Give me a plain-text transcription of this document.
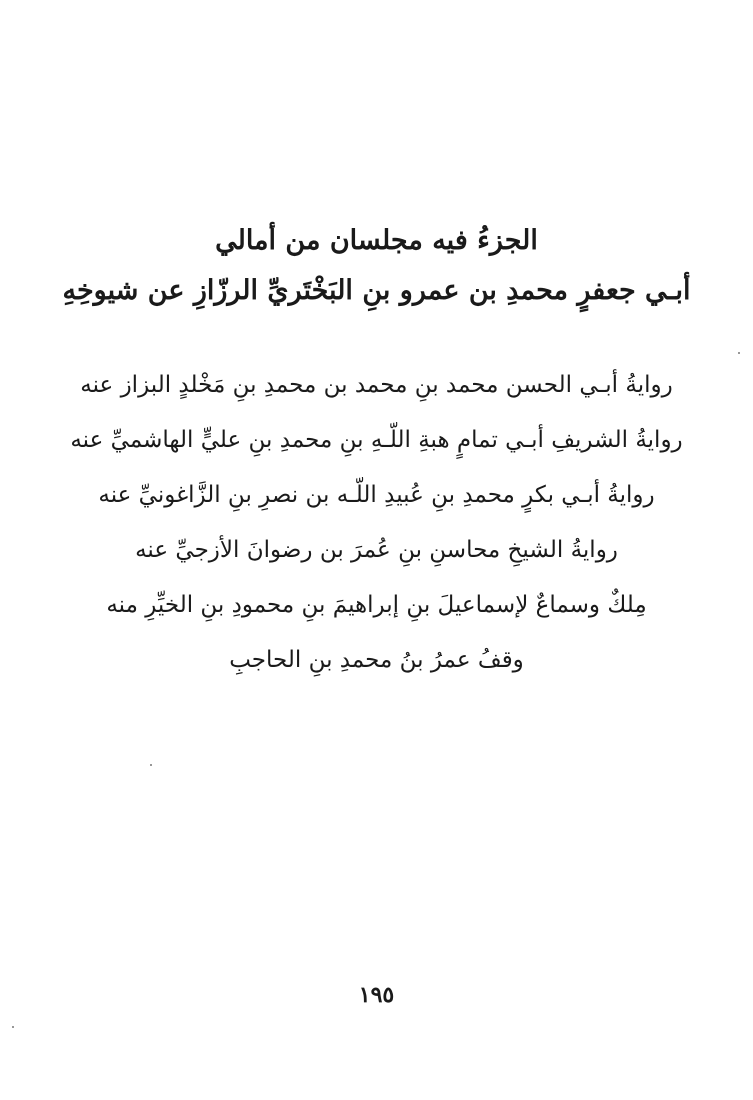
الجزءُ فيه مجلسان من أمالي
أبـي جعفرٍ محمدِ بن عمرو بنِ البَخْتَريِّ الرزّازِ عن شيوخِهِ
روايةُ أبـي الحسن محمد بنِ محمد بن محمدِ بنِ مَخْلدٍ البزاز عنه
روايةُ الشريفِ أبـي تمامٍ هبةِ اللّـهِ بنِ محمدِ بنِ عليٍّ الهاشميِّ عنه
روايةُ أبـي بكرٍ محمدِ بنِ عُبيدِ اللّـه بن نصرِ بنِ الزَّاغونيِّ عنه
روايةُ الشيخِ محاسنِ بنِ عُمرَ بن رضوانَ الأزجيِّ عنه
مِلكٌ وسماعٌ لإسماعيلَ بنِ إبراهيمَ بنِ محمودِ بنِ الخيِّرِ منه
وقفُ عمرُ بنُ محمدِ بنِ الحاجبِ
١٩٥
